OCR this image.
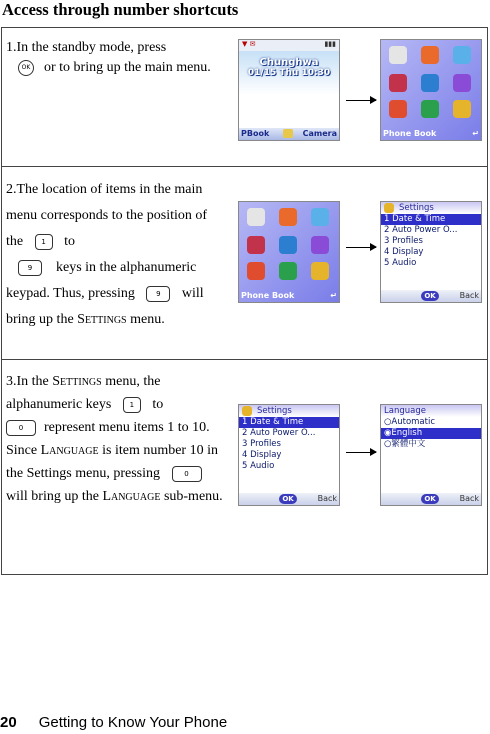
Access through number shortcuts
1.In the standby mode, press
OK or to bring up the main menu.
▼ ✉	▮▮▮
Chunghwa
01/15 Thu 10:30
PBook	Camera	Phone Book	↵
2.The location of items in the main menu corresponds to the position of the	1 to
9 keys in the alphanumeric keypad. Thus, pressing	9 will bring up the Settings menu.
Phone Book	↵
Settings
1 Date & Time
2 Auto Power O...
3 Profiles
4 Display
5 Audio
OK	Back
3.In the Settings menu, the alphanumeric keys	1 to
0 represent menu items 1 to 10. Since Language is item number 10 in the Settings menu, pressing	0 will bring up the Language sub-menu.
Settings
1 Date & Time
2 Auto Power O...
3 Profiles
4 Display
5 Audio
OK	Back
Language
○Automatic
◉English
○繁體中文
OK	Back
20 Getting to Know Your Phone
